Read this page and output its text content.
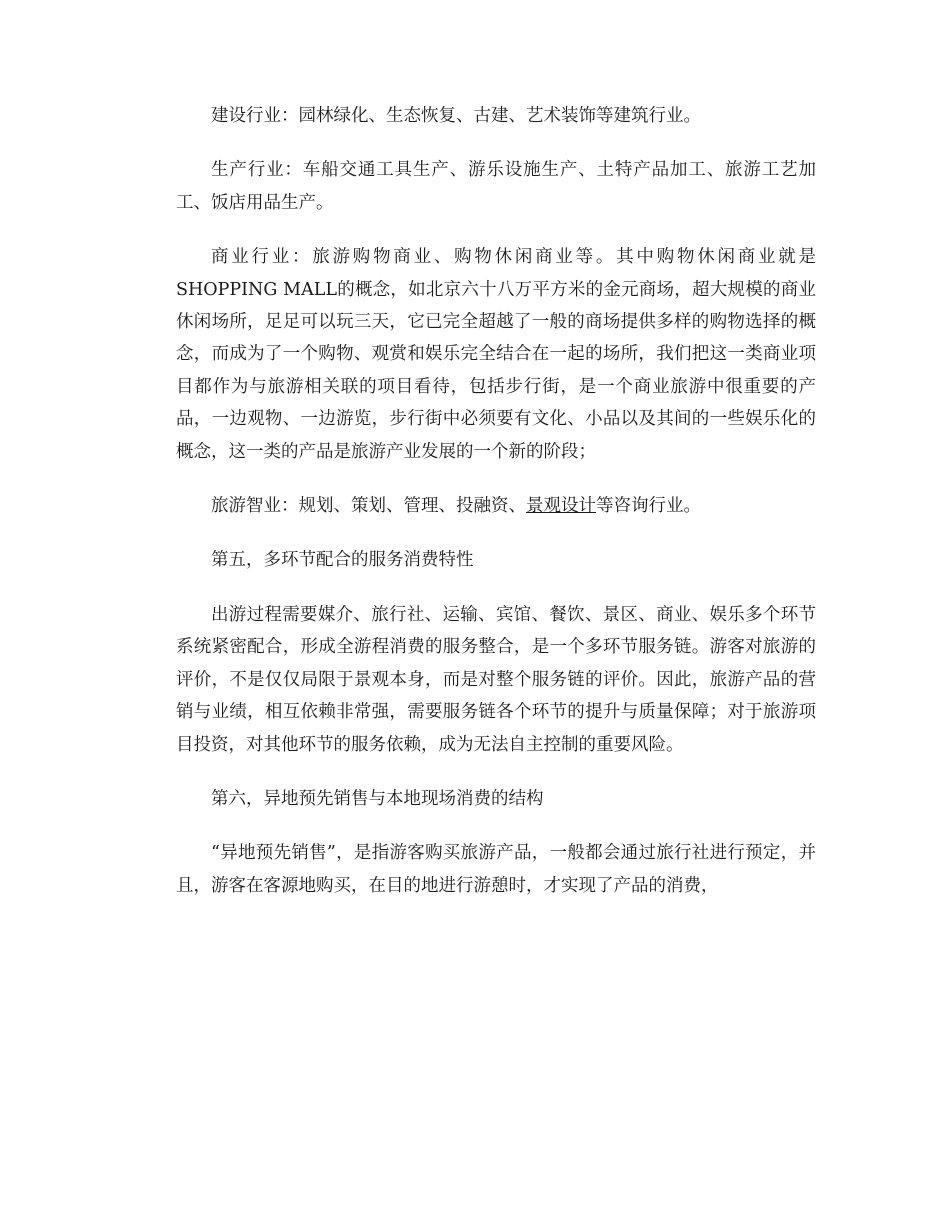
建设行业：园林绿化、生态恢复、古建、艺术装饰等建筑行业。

生产行业：车船交通工具生产、游乐设施生产、土特产品加工、旅游工艺加工、饭店用品生产。

商业行业：旅游购物商业、购物休闲商业等。其中购物休闲商业就是SHOPPING MALL的概念，如北京六十八万平方米的金元商场，超大规模的商业休闲场所，足足可以玩三天，它已完全超越了一般的商场提供多样的购物选择的概念，而成为了一个购物、观赏和娱乐完全结合在一起的场所，我们把这一类商业项目都作为与旅游相关联的项目看待，包括步行街，是一个商业旅游中很重要的产品，一边观物、一边游览，步行街中必须要有文化、小品以及其间的一些娱乐化的概念，这一类的产品是旅游产业发展的一个新的阶段；

旅游智业：规划、策划、管理、投融资、景观设计等咨询行业。

第五，多环节配合的服务消费特性

出游过程需要媒介、旅行社、运输、宾馆、餐饮、景区、商业、娱乐多个环节系统紧密配合，形成全游程消费的服务整合，是一个多环节服务链。游客对旅游的评价，不是仅仅局限于景观本身，而是对整个服务链的评价。因此，旅游产品的营销与业绩，相互依赖非常强，需要服务链各个环节的提升与质量保障；对于旅游项目投资，对其他环节的服务依赖，成为无法自主控制的重要风险。

第六，异地预先销售与本地现场消费的结构

“异地预先销售”，是指游客购买旅游产品，一般都会通过旅行社进行预定，并且，游客在客源地购买，在目的地进行游憩时，才实现了产品的消费，
